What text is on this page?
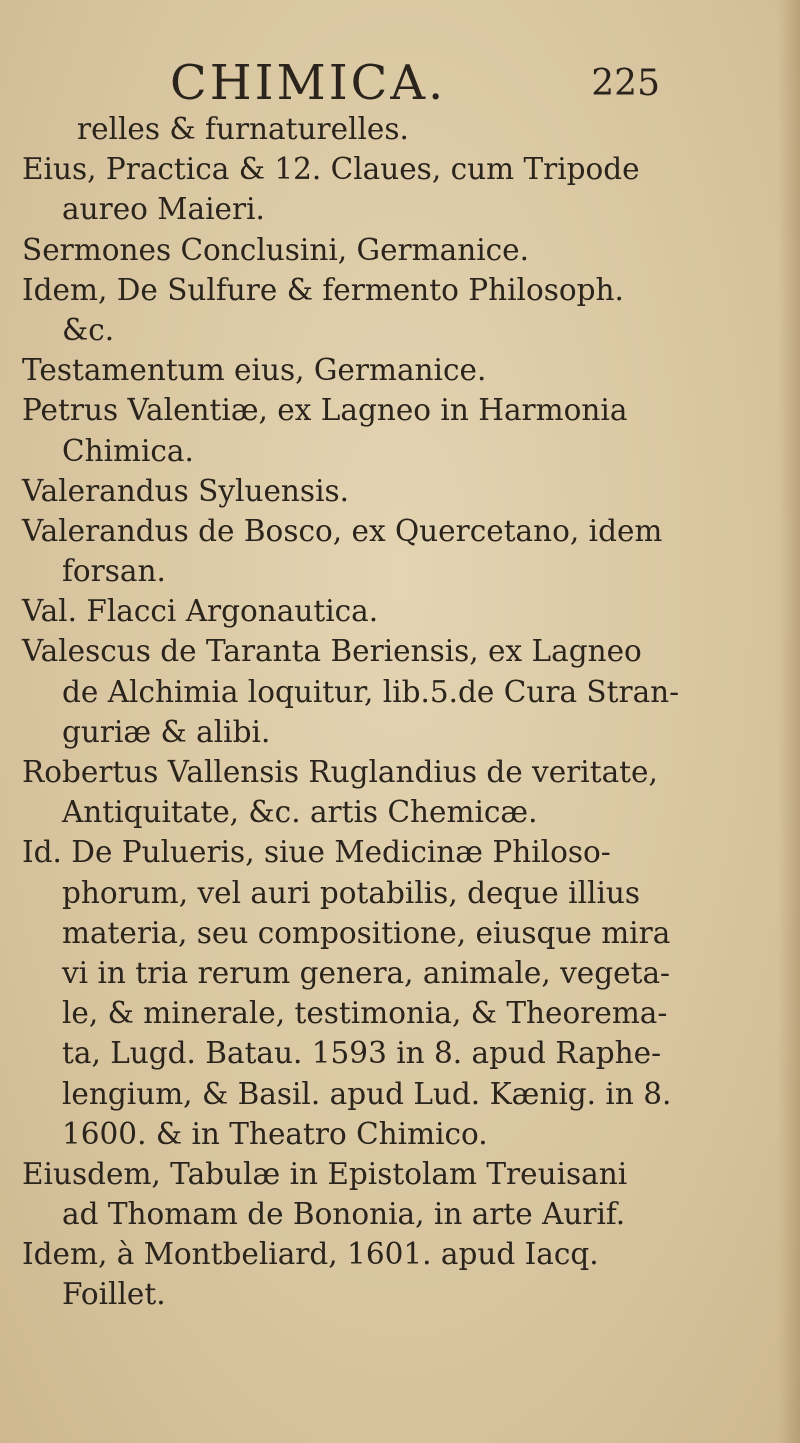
CHIMICA.	225
relles & furnaturelles.
Eius, Practica & 12. Claues, cum Tripode
aureo Maieri.
Sermones Conclusini, Germanice.
Idem, De Sulfure & fermento Philosoph.
&c.
Testamentum eius, Germanice.
Petrus Valentiæ, ex Lagneo in Harmonia
Chimica.
Valerandus Syluensis.
Valerandus de Bosco, ex Quercetano, idem
forsan.
Val. Flacci Argonautica.
Valescus de Taranta Beriensis, ex Lagneo
de Alchimia loquitur, lib.5.de Cura Stran-
guriæ & alibi.
Robertus Vallensis Ruglandius de veritate,
Antiquitate, &c. artis Chemicæ.
Id. De Pulueris, siue Medicinæ Philoso-
phorum, vel auri potabilis, deque illius
materia, seu compositione, eiusque mira
vi in tria rerum genera, animale, vegeta-
le, & minerale, testimonia, & Theorema-
ta, Lugd. Batau. 1593 in 8. apud Raphe-
lengium, & Basil. apud Lud. Kænig. in 8.
1600. & in Theatro Chimico.
Eiusdem, Tabulæ in Epistolam Treuisani
ad Thomam de Bononia, in arte Aurif.
Idem, à Montbeliard, 1601. apud Iacq.
Foillet.
